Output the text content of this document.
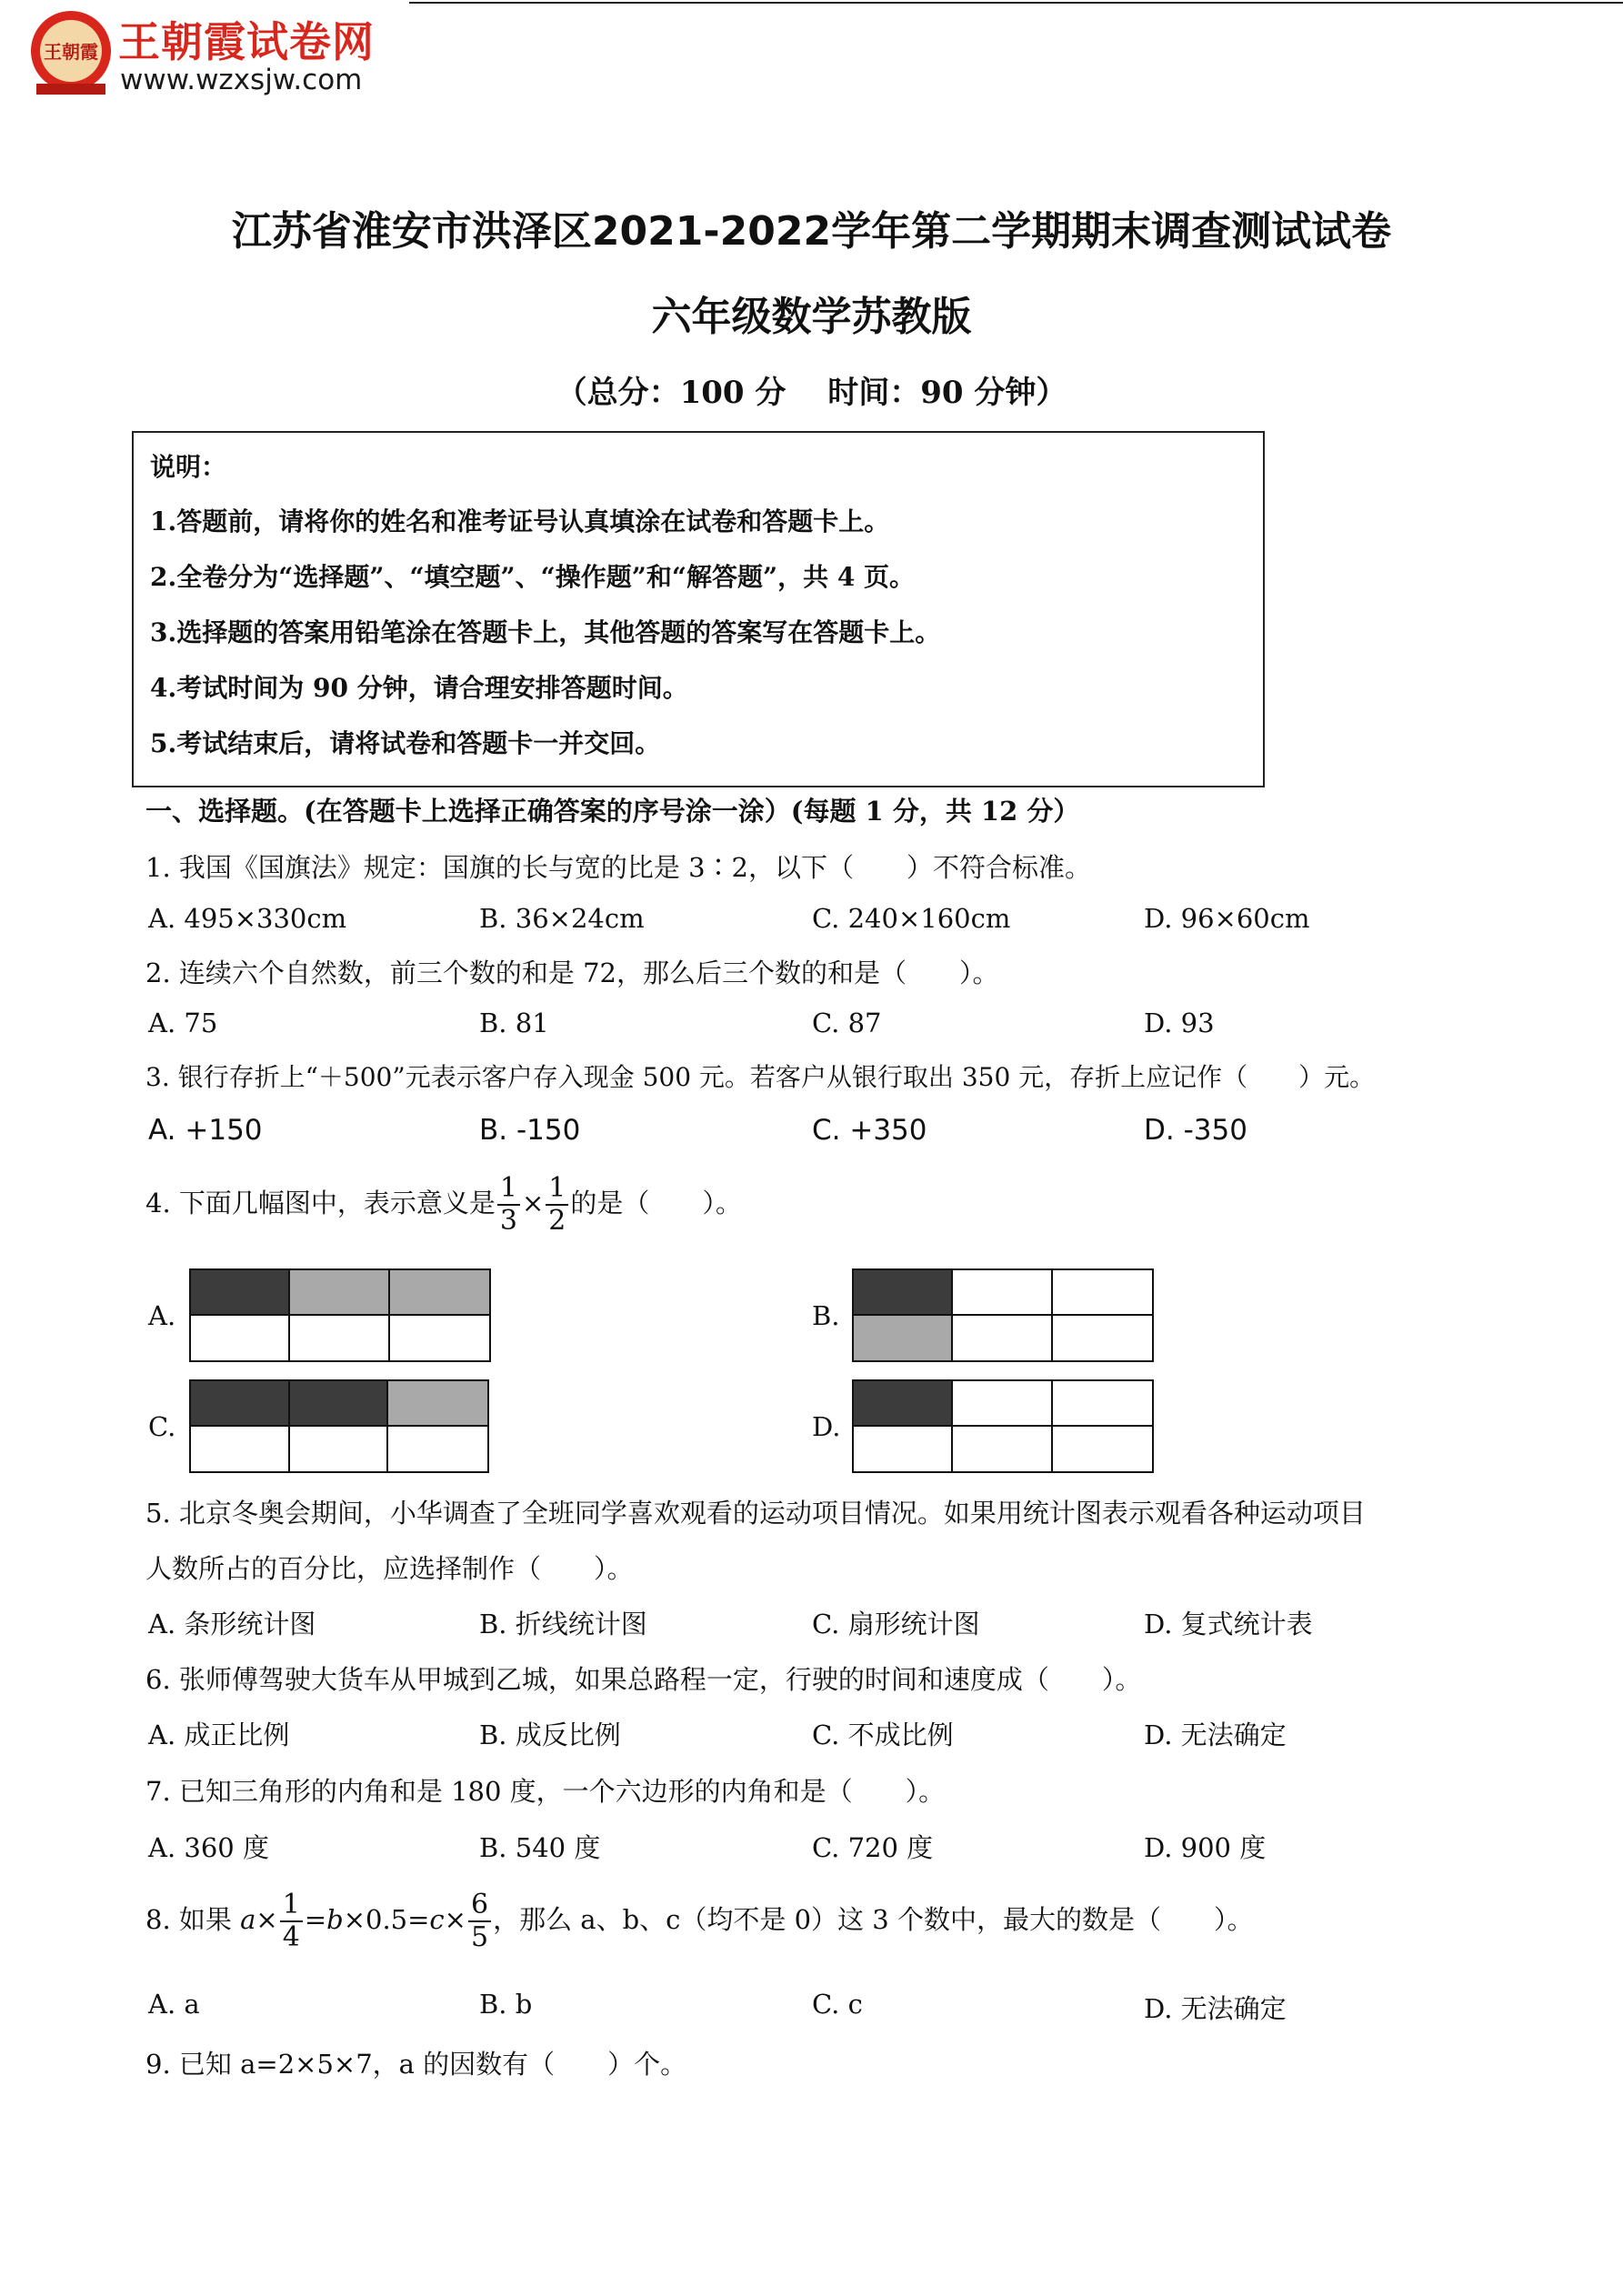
王朝霞 王朝霞试卷网
www.wzxsjw.com
江苏省淮安市洪泽区2021-2022学年第二学期期末调查测试试卷
六年级数学苏教版
（总分：100 分　 时间：90 分钟）
说明：
1.答题前，请将你的姓名和准考证号认真填涂在试卷和答题卡上。
2.全卷分为“选择题”、“填空题”、“操作题”和“解答题”，共 4 页。
3.选择题的答案用铅笔涂在答题卡上，其他答题的答案写在答题卡上。
4.考试时间为 90 分钟，请合理安排答题时间。
5.考试结束后，请将试卷和答题卡一并交回。
一、选择题。(在答题卡上选择正确答案的序号涂一涂）(每题 1 分，共 12 分）
1. 我国《国旗法》规定：国旗的长与宽的比是 3∶2，以下（　　）不符合标准。
A. 495×330cm	B. 36×24cm	C. 240×160cm	D. 96×60cm
2. 连续六个自然数，前三个数的和是 72，那么后三个数的和是（　　）。
A. 75	B. 81	C. 87	D. 93
3. 银行存折上“＋500”元表示客户存入现金 500 元。若客户从银行取出 350 元，存折上应记作（　　）元。
A. +150	B. -150	C. +350	D. -350
4. 下面几幅图中，表示意义是 $\frac{1}{3} \times \frac{1}{2}$ 的是（　　）。
A.	B.
C.	D.
5. 北京冬奥会期间，小华调查了全班同学喜欢观看的运动项目情况。如果用统计图表示观看各种运动项目
人数所占的百分比，应选择制作（　　）。
A. 条形统计图	B. 折线统计图	C. 扇形统计图	D. 复式统计表
6. 张师傅驾驶大货车从甲城到乙城，如果总路程一定，行驶的时间和速度成（　　）。
A. 成正比例	B. 成反比例	C. 不成比例	D. 无法确定
7. 已知三角形的内角和是 180 度，一个六边形的内角和是（　　）。
A. 360 度	B. 540 度	C. 720 度	D. 900 度
8. 如果 $a\times \frac{1}{4} =b\times 0.5=c\times \frac{6}{5}$ ，那么 a、b、c（均不是 0）这 3 个数中，最大的数是（　　）。
A. a	B. b	C. c	D. 无法确定
9. 已知 a=2×5×7，a 的因数有（　　）个。
